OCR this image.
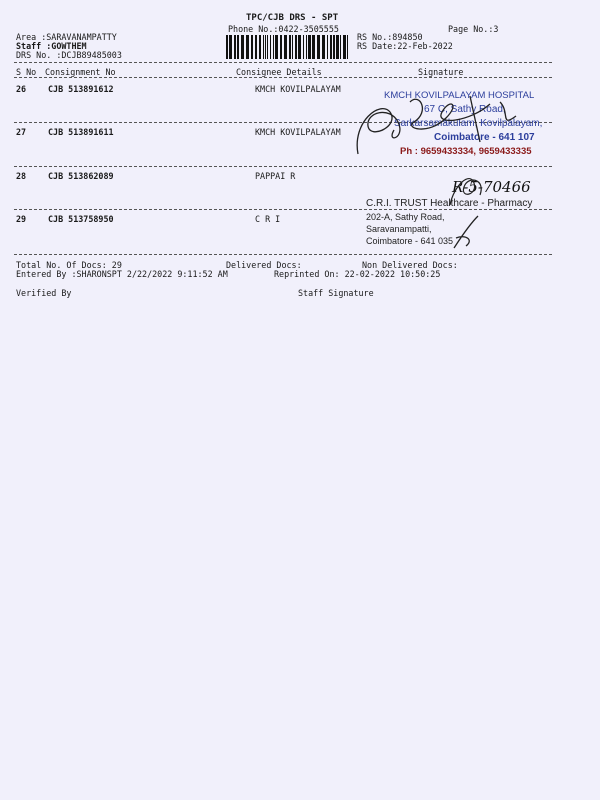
TPC/CJB DRS - SPT
Phone No.:0422-3505555	Page No.:3
Area :SARAVANAMPATTY
Staff :GOWTHEM
DRS No. :DCJB89485003
RS No.:894850
RS Date:22-Feb-2022
S No Consignment No	Consignee Details	Signature
26	CJB 513891612	KMCH KOVILPALAYAM
27	CJB 513891611	KMCH KOVILPALAYAM
28	CJB 513862089	PAPPAI R
29	CJB 513758950	C R I
Total No. Of Docs: 29	Delivered Docs:	Non Delivered Docs:
Entered By :SHARONSPT 2/22/2022 9:11:52 AM	Reprinted On: 22-02-2022 10:50:25
Verified By	Staff Signature
KMCH KOVILPALAYAM HOSPITAL
67 C, Sathy Road,
Sarkarsamakulam, Kovilpalayam,
Coimbatore - 641 107
Ph : 9659433334, 9659433335
C.R.I. TRUST Healthcare - Pharmacy
202-A, Sathy Road,
Saravanampatti,
Coimbatore - 641 035
R-5-70466
